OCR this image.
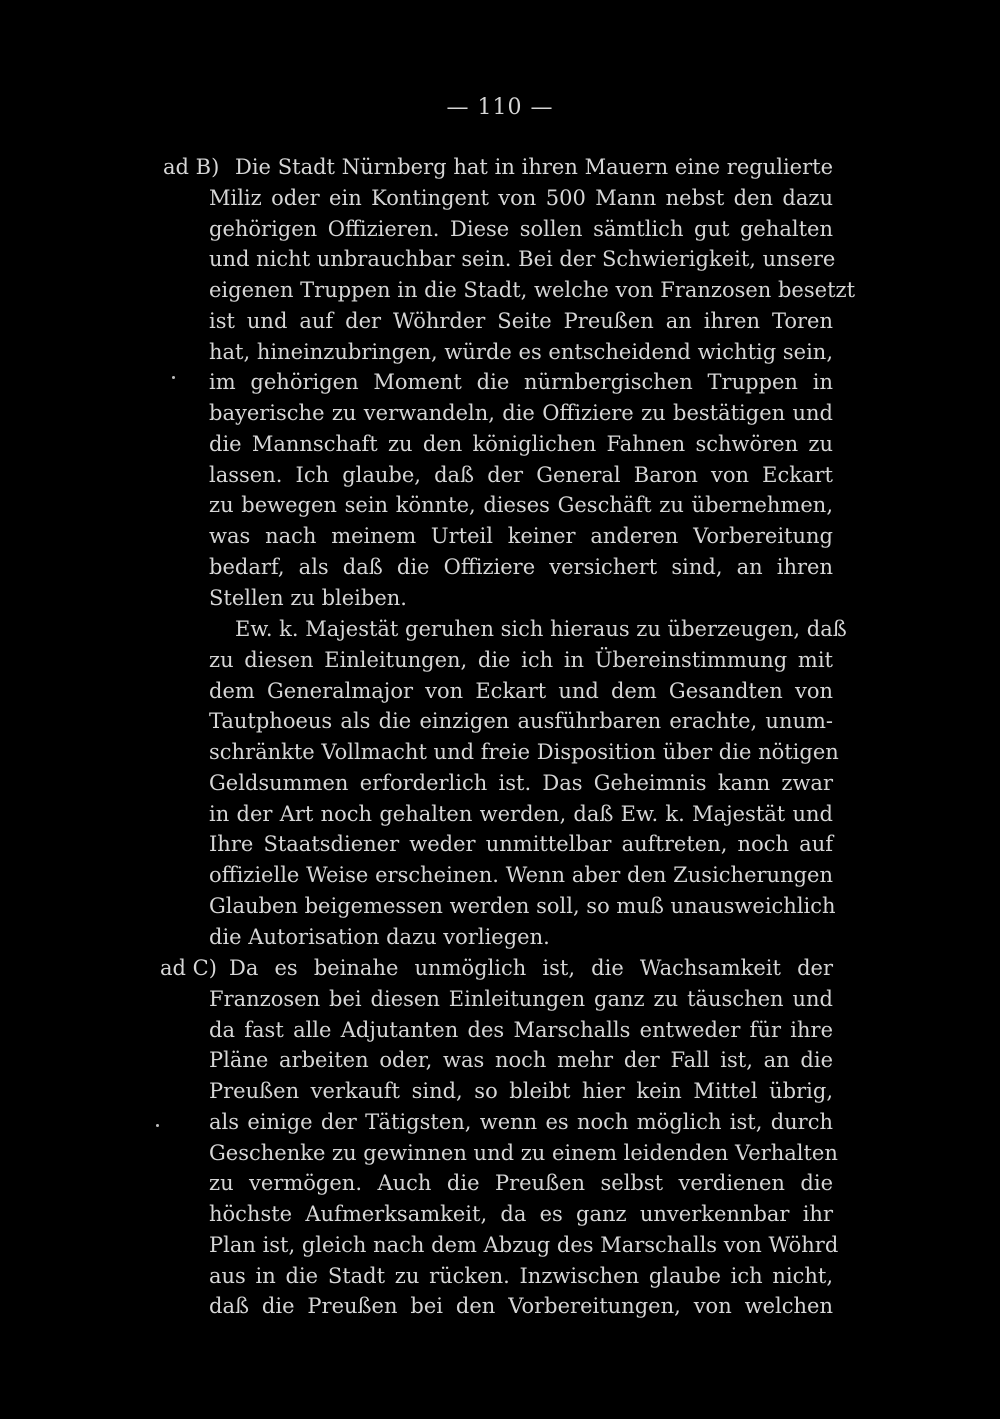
— 110 —
ad B) Die Stadt Nürnberg hat in ihren Mauern eine regulierte
Miliz oder ein Kontingent von 500 Mann nebst den dazu
gehörigen Offizieren. Diese sollen sämtlich gut gehalten
und nicht unbrauchbar sein. Bei der Schwierigkeit, unsere
eigenen Truppen in die Stadt, welche von Franzosen besetzt
ist und auf der Wöhrder Seite Preußen an ihren Toren
hat, hineinzubringen, würde es entscheidend wichtig sein,
im gehörigen Moment die nürnbergischen Truppen in
bayerische zu verwandeln, die Offiziere zu bestätigen und
die Mannschaft zu den königlichen Fahnen schwören zu
lassen. Ich glaube, daß der General Baron von Eckart
zu bewegen sein könnte, dieses Geschäft zu übernehmen,
was nach meinem Urteil keiner anderen Vorbereitung
bedarf, als daß die Offiziere versichert sind, an ihren
Stellen zu bleiben.
Ew. k. Majestät geruhen sich hieraus zu überzeugen, daß
zu diesen Einleitungen, die ich in Übereinstimmung mit
dem Generalmajor von Eckart und dem Gesandten von
Tautphoeus als die einzigen ausführbaren erachte, unum-
schränkte Vollmacht und freie Disposition über die nötigen
Geldsummen erforderlich ist. Das Geheimnis kann zwar
in der Art noch gehalten werden, daß Ew. k. Majestät und
Ihre Staatsdiener weder unmittelbar auftreten, noch auf
offizielle Weise erscheinen. Wenn aber den Zusicherungen
Glauben beigemessen werden soll, so muß unausweichlich
die Autorisation dazu vorliegen.
ad C) Da es beinahe unmöglich ist, die Wachsamkeit der
Franzosen bei diesen Einleitungen ganz zu täuschen und
da fast alle Adjutanten des Marschalls entweder für ihre
Pläne arbeiten oder, was noch mehr der Fall ist, an die
Preußen verkauft sind, so bleibt hier kein Mittel übrig,
als einige der Tätigsten, wenn es noch möglich ist, durch
Geschenke zu gewinnen und zu einem leidenden Verhalten
zu vermögen. Auch die Preußen selbst verdienen die
höchste Aufmerksamkeit, da es ganz unverkennbar ihr
Plan ist, gleich nach dem Abzug des Marschalls von Wöhrd
aus in die Stadt zu rücken. Inzwischen glaube ich nicht,
daß die Preußen bei den Vorbereitungen, von welchen
